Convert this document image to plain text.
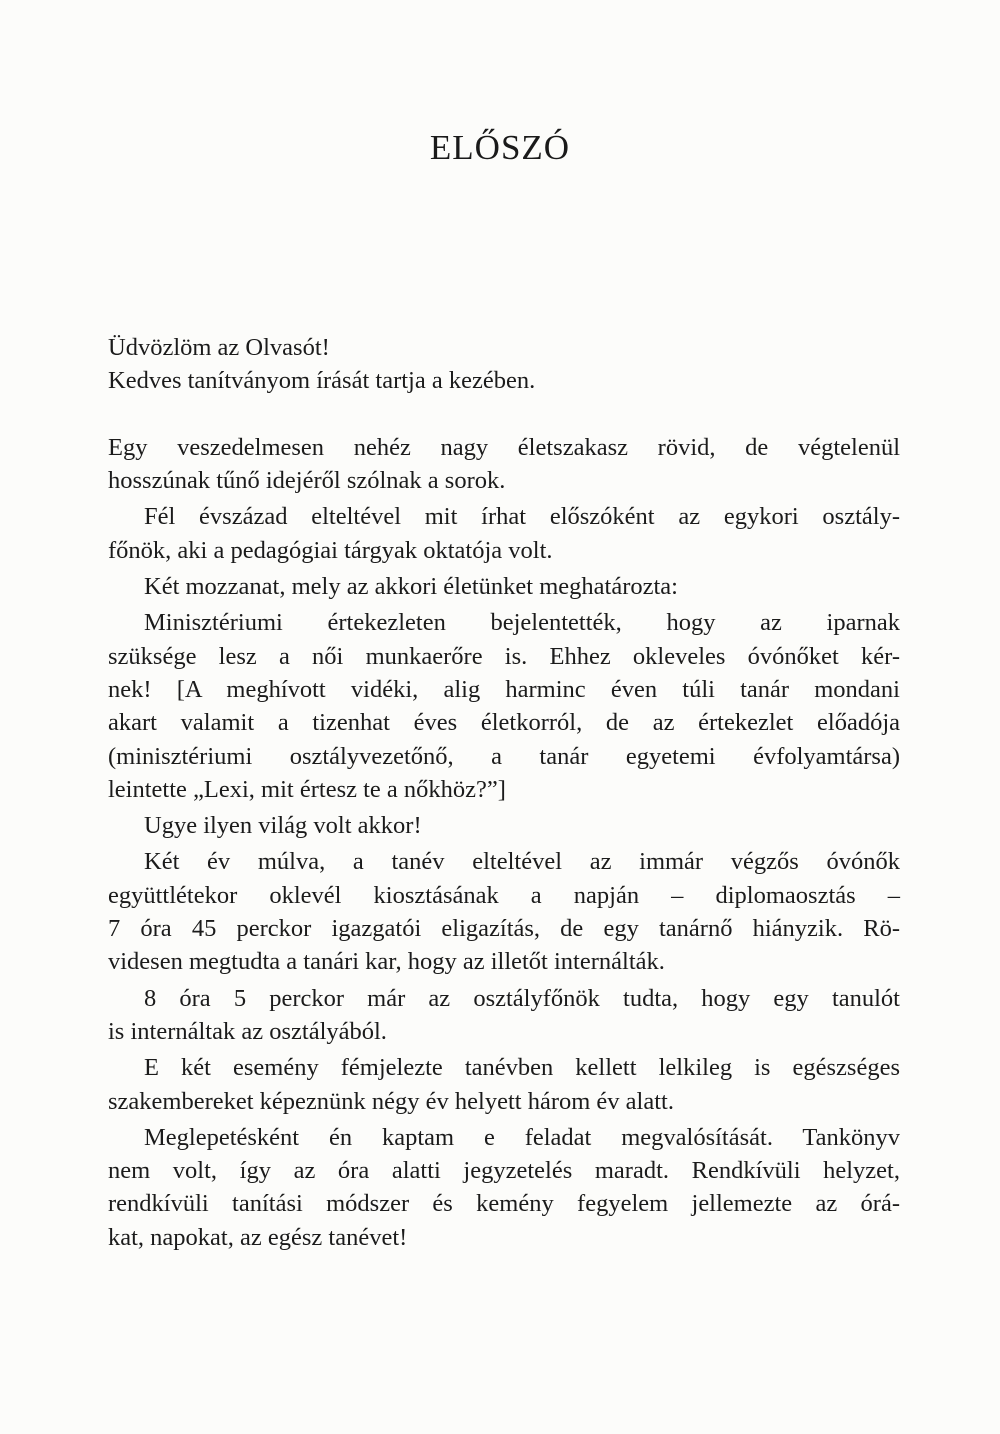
ELŐSZÓ
Üdvözlöm az Olvasót!
Kedves tanítványom írását tartja a kezében.
Egy veszedelmesen nehéz nagy életszakasz rövid, de végtelenül
hosszúnak tűnő idejéről szólnak a sorok.
Fél évszázad elteltével mit írhat előszóként az egykori osztály-
főnök, aki a pedagógiai tárgyak oktatója volt.
Két mozzanat, mely az akkori életünket meghatározta:
Minisztériumi értekezleten bejelentették, hogy az iparnak
szüksége lesz a női munkaerőre is. Ehhez okleveles óvónőket kér-
nek! [A meghívott vidéki, alig harminc éven túli tanár mondani
akart valamit a tizenhat éves életkorról, de az értekezlet előadója
(minisztériumi osztályvezetőnő, a tanár egyetemi évfolyamtársa)
leintette „Lexi, mit értesz te a nőkhöz?”]
Ugye ilyen világ volt akkor!
Két év múlva, a tanév elteltével az immár végzős óvónők
együttlétekor oklevél kiosztásának a napján – diplomaosztás –
7 óra 45 perckor igazgatói eligazítás, de egy tanárnő hiányzik. Rö-
videsen megtudta a tanári kar, hogy az illetőt internálták.
8 óra 5 perckor már az osztályfőnök tudta, hogy egy tanulót
is internáltak az osztályából.
E két esemény fémjelezte tanévben kellett lelkileg is egészséges
szakembereket képeznünk négy év helyett három év alatt.
Meglepetésként én kaptam e feladat megvalósítását. Tankönyv
nem volt, így az óra alatti jegyzetelés maradt. Rendkívüli helyzet,
rendkívüli tanítási módszer és kemény fegyelem jellemezte az órá-
kat, napokat, az egész tanévet!
